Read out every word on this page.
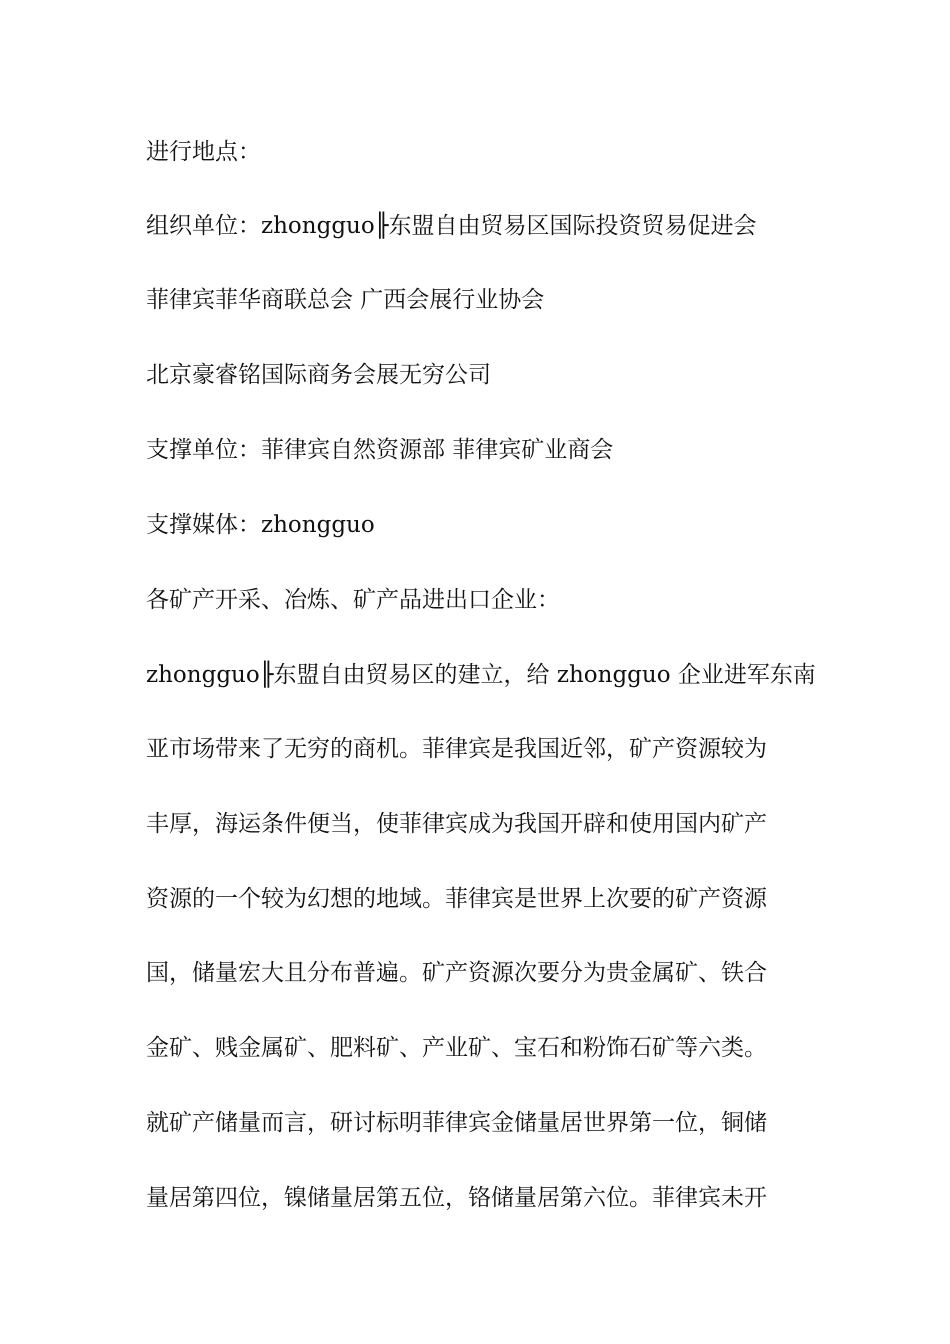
进行地点：
组织单位：zhongguo╟东盟自由贸易区国际投资贸易促进会
菲律宾菲华商联总会 广西会展行业协会
北京豪睿铭国际商务会展无穷公司
支撑单位：菲律宾自然资源部 菲律宾矿业商会
支撑媒体：zhongguo
各矿产开采、冶炼、矿产品进出口企业：
zhongguo╟东盟自由贸易区的建立，给 zhongguo 企业进军东南
亚市场带来了无穷的商机。菲律宾是我国近邻，矿产资源较为
丰厚，海运条件便当，使菲律宾成为我国开辟和使用国内矿产
资源的一个较为幻想的地域。菲律宾是世界上次要的矿产资源
国，储量宏大且分布普遍。矿产资源次要分为贵金属矿、铁合
金矿、贱金属矿、肥料矿、产业矿、宝石和粉饰石矿等六类。
就矿产储量而言，研讨标明菲律宾金储量居世界第一位，铜储
量居第四位，镍储量居第五位，铬储量居第六位。菲律宾未开
